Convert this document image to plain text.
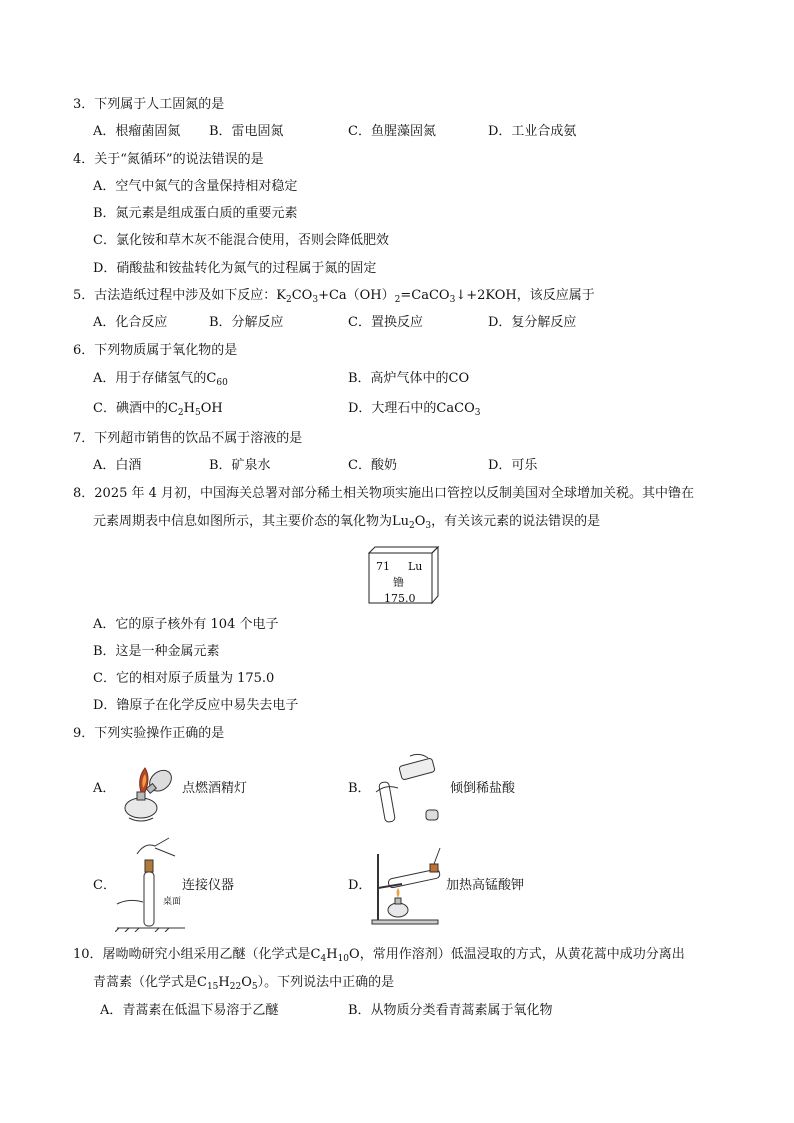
3．下列属于人工固氮的是
A．根瘤菌固氮 B．雷电固氮	C．鱼腥藻固氮	D．工业合成氨
4．关于“氮循环”的说法错误的是
A．空气中氮气的含量保持相对稳定
B．氮元素是组成蛋白质的重要元素
C．氯化铵和草木灰不能混合使用，否则会降低肥效
D．硝酸盐和铵盐转化为氮气的过程属于氮的固定
5．古法造纸过程中涉及如下反应：$K_2CO_3+Ca(OH)_2=CaCO_3↓+2KOH$，该反应属于
A．化合反应	B．分解反应	C．置换反应	D．复分解反应
6．下列物质属于氧化物的是
A．用于存储氢气的$C_{60}$	B．高炉气体中的CO
C．碘酒中的$C_2H_5OH$	D．大理石中的CaCO$_3$
7．下列超市销售的饮品不属于溶液的是
A．白酒	B．矿泉水	C．酸奶	D．可乐
8．2025 年 4 月初，中国海关总署对部分稀土相关物项实施出口管控以反制美国对全球增加关税。其中镥在
元素周期表中信息如图所示，其主要价态的氧化物为$Lu_2O_3$，有关该元素的说法错误的是
71 Lu
镥
175.0
A．它的原子核外有 104 个电子
B．这是一种金属元素
C．它的相对原子质量为 175.0
D．镥原子在化学反应中易失去电子
9．下列实验操作正确的是
A．	点燃酒精灯	B．	倾倒稀盐酸
C．
桌面
连接仪器	D．	加热高锰酸钾
10．屠呦呦研究小组采用乙醚（化学式是$C_4H_{10}O$，常用作溶剂）低温浸取的方式，从黄花蒿中成功分离出
青蒿素（化学式是$C_{15}H_{22}O_5$）。下列说法中正确的是
A．青蒿素在低温下易溶于乙醚	B．从物质分类看青蒿素属于氧化物
